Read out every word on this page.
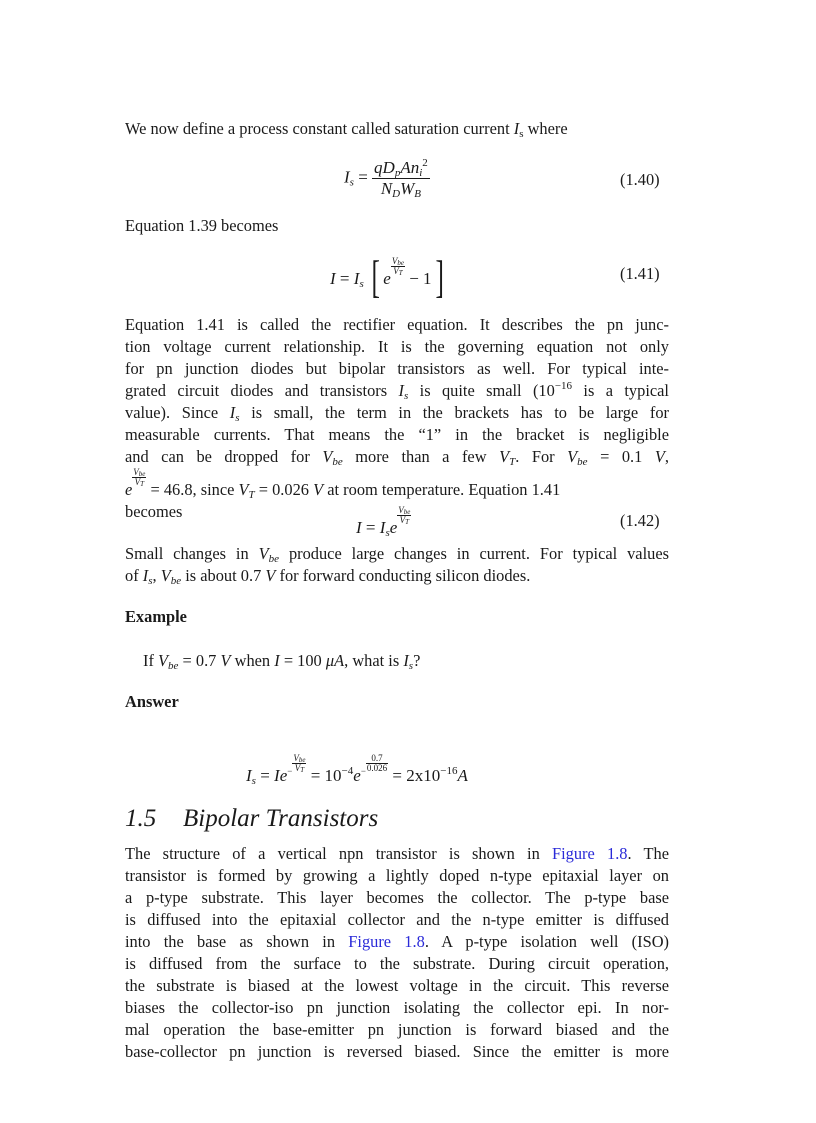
We now define a process constant called saturation current $I_s$ where

$I_s = \frac{qD_pAn_i^2}{N_DW_B}$	(1.40)

Equation 1.39 becomes

$I = I_s$ [ e
$\frac{V_{be}}{V_T}$
− 1]	(1.41)
Equation 1.41 is called the rectifier equation. It describes the pn junc-
tion voltage current relationship. It is the governing equation not only
for pn junction diodes but bipolar transistors as well. For typical inte-
grated circuit diodes and transistors $I_s$ is quite small ($10^{-16}$ is a typical
value). Since $I_s$ is small, the term in the brackets has to be large for
measurable currents. That means the “1” in the bracket is negligible
and can be dropped for $V_{be}$ more than a few $V_T$. For $V_{be} = 0.1$ V,
e
$\frac{V_{be}}{V_T}$
= 46.8, since $V_T = 0.026$ V at room temperature. Equation 1.41
becomes
$I = I_se$
$\frac{V_{be}}{V_T}$	(1.42)
Small changes in $V_{be}$ produce large changes in current. For typical values
of $I_s$, $V_{be}$ is about 0.7 V for forward conducting silicon diodes.
Example
If $V_{be} = 0.7$ V when I = 100 μA, what is $I_s$?
Answer
$I_s = Ie^- \frac{V_{be}}{V_T}$
= $10^{-4}e^- \frac{0.7}{0.026}$
= $2x10^{-16}A$
1.5 Bipolar Transistors
The structure of a vertical npn transistor is shown in Figure 1.8. The
transistor is formed by growing a lightly doped n-type epitaxial layer on
a p-type substrate. This layer becomes the collector. The p-type base
is diffused into the epitaxial collector and the n-type emitter is diffused
into the base as shown in Figure 1.8. A p-type isolation well (ISO)
is diffused from the surface to the substrate. During circuit operation,
the substrate is biased at the lowest voltage in the circuit. This reverse
biases the collector-iso pn junction isolating the collector epi. In nor-
mal operation the base-emitter pn junction is forward biased and the
base-collector pn junction is reversed biased. Since the emitter is more
